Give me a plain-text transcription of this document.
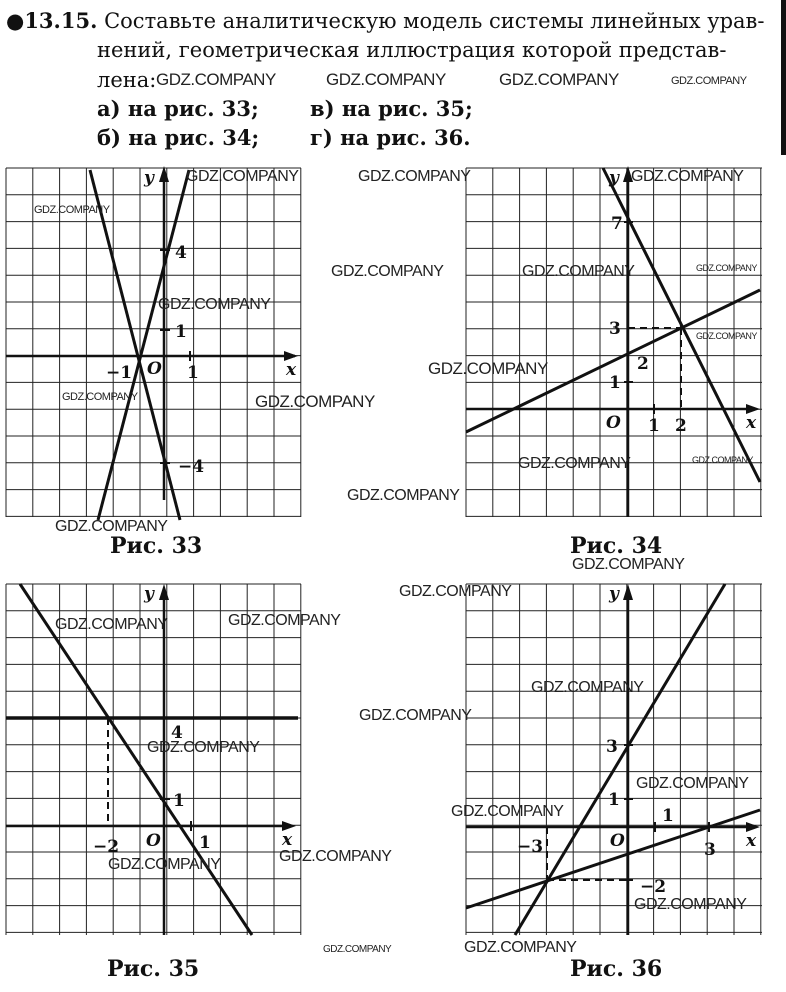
●13.15. Составьте аналитическую модель системы линейных урав-
нений, геометрическая иллюстрация которой представ-
лена:
а) на рис. 33; в) на рис. 35;
б) на рис. 34; г) на рис. 36.
x
y
O
4
1
−1	1
−4
x
y
O
7
3
2
1
1 2
x
y
O
4
1
−2	1	x
y
O
3
1
−2
−3
1
3
Рис. 33	Рис. 34
Рис. 35	Рис. 36
GDZ.COMPANY	GDZ.COMPANY	GDZ.COMPANY	GDZ.COMPANY
GDZ.COMPANY
GDZ.COMPANY
GDZ.COMPANY
GDZ.COMPANY	GDZ.COMPANY
GDZ.COMPANY
GDZ.COMPANY	GDZ.COMPANY
GDZ.COMPANY	GDZ.COMPANY	GDZ.COMPANY
GDZ.COMPANY
GDZ.COMPANY
GDZ.COMPANY	GDZ.COMPANY
GDZ.COMPANY
GDZ.COMPANY
GDZ.COMPANY
GDZ.COMPANY	GDZ.COMPANY
GDZ.COMPANY
GDZ.COMPANY
GDZ.COMPANY
GDZ.COMPANY
GDZ.COMPANY
GDZ.COMPANY
GDZ.COMPANY
GDZ.COMPANY
GDZ.COMPANY	GDZ.COMPANY
